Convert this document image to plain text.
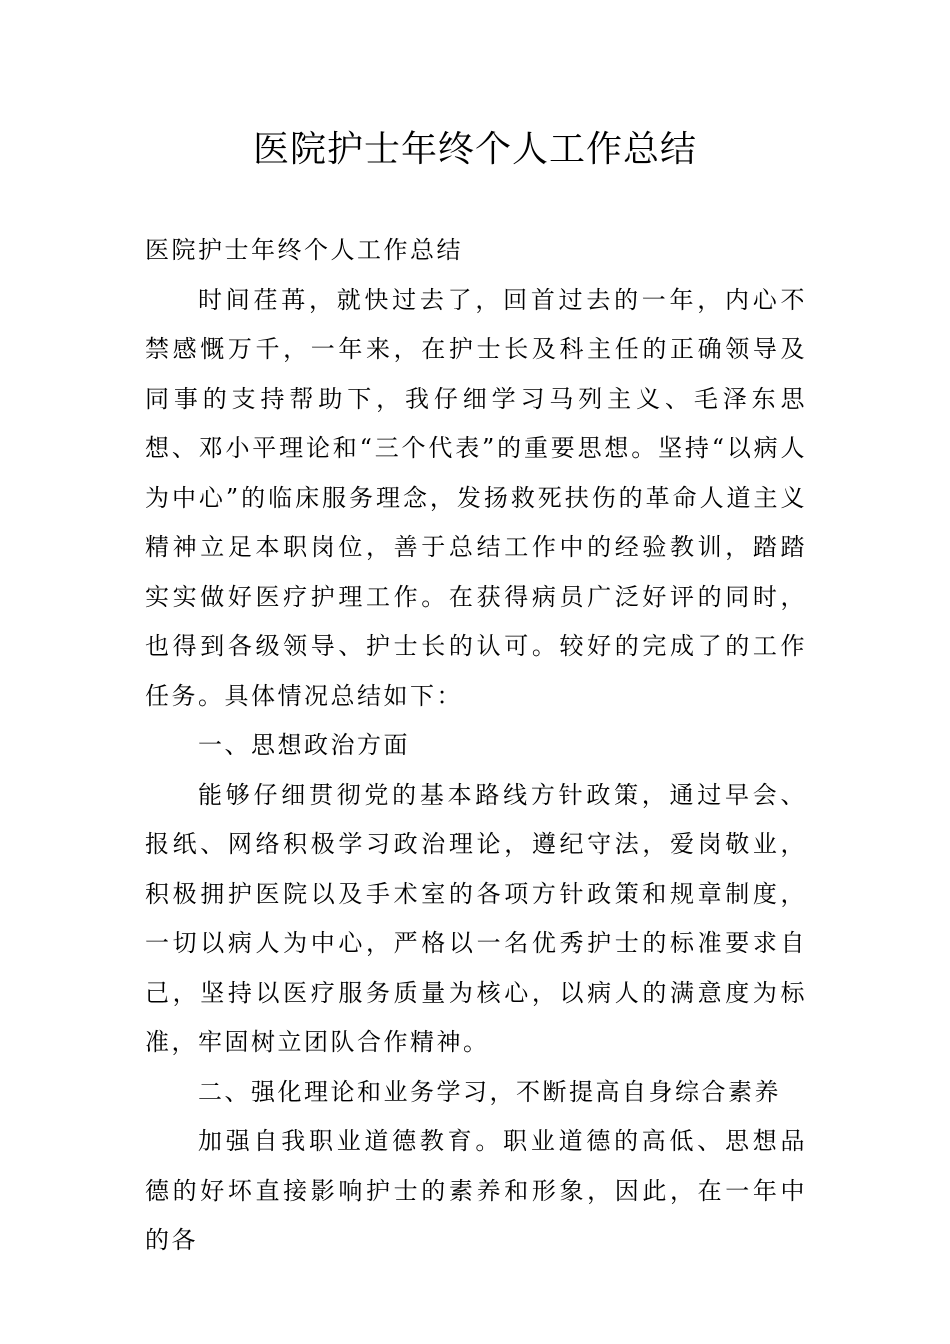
医院护士年终个人工作总结

医院护士年终个人工作总结

时间荏苒，就快过去了，回首过去的一年，内心不禁感慨万千，一年来，在护士长及科主任的正确领导及同事的支持帮助下，我仔细学习马列主义、毛泽东思想、邓小平理论和“三个代表”的重要思想。坚持“以病人为中心”的临床服务理念，发扬救死扶伤的革命人道主义精神立足本职岗位，善于总结工作中的经验教训，踏踏实实做好医疗护理工作。在获得病员广泛好评的同时，也得到各级领导、护士长的认可。较好的完成了的工作任务。具体情况总结如下：

一、思想政治方面

能够仔细贯彻党的基本路线方针政策，通过早会、报纸、网络积极学习政治理论，遵纪守法，爱岗敬业，积极拥护医院以及手术室的各项方针政策和规章制度，一切以病人为中心，严格以一名优秀护士的标准要求自己，坚持以医疗服务质量为核心，以病人的满意度为标准，牢固树立团队合作精神。

二、强化理论和业务学习，不断提高自身综合素养

加强自我职业道德教育。职业道德的高低、思想品德的好坏直接影响护士的素养和形象，因此，在一年中的各
